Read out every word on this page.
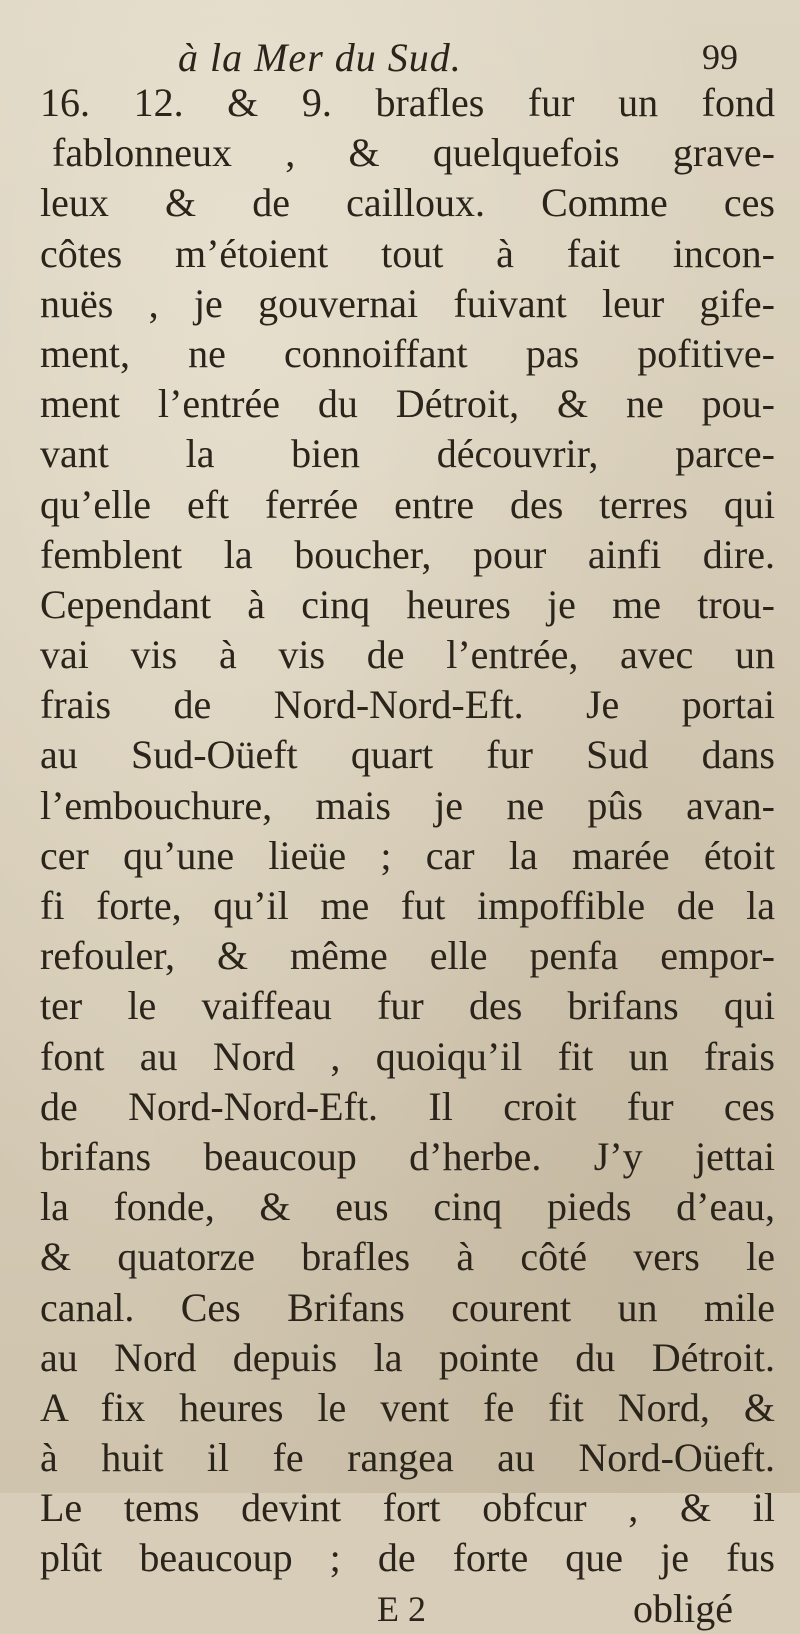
à la Mer du Sud.	99
16. 12. & 9. brafles fur un fond
fablonneux , & quelquefois grave-
leux & de cailloux. Comme ces
côtes m’étoient tout à fait incon-
nuës , je gouvernai fuivant leur gife-
ment, ne connoiffant pas pofitive-
ment l’entrée du Détroit, & ne pou-
vant la bien découvrir, parce-
qu’elle eft ferrée entre des terres qui
femblent la boucher, pour ainfi dire.
Cependant à cinq heures je me trou-
vai vis à vis de l’entrée, avec un
frais de Nord-Nord-Eft. Je portai
au Sud-Oüeft quart fur Sud dans
l’embouchure, mais je ne pûs avan-
cer qu’une lieüe ; car la marée étoit
fi forte, qu’il me fut impoffible de la
refouler, & même elle penfa empor-
ter le vaiffeau fur des brifans qui
font au Nord , quoiqu’il fit un frais
de Nord-Nord-Eft. Il croit fur ces
brifans beaucoup d’herbe. J’y jettai
la fonde, & eus cinq pieds d’eau,
& quatorze brafles à côté vers le
canal. Ces Brifans courent un mile
au Nord depuis la pointe du Détroit.
A fix heures le vent fe fit Nord, &
à huit il fe rangea au Nord-Oüeft.
Le tems devint fort obfcur , & il
plût beaucoup ; de forte que je fus
E 2	obligé
